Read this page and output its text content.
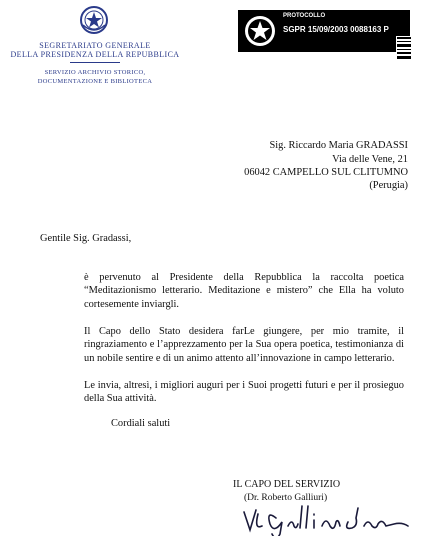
SEGRETARIATO GENERALE
DELLA PRESIDENZA DELLA REPUBBLICA
SERVIZIO ARCHIVIO STORICO,
DOCUMENTAZIONE E BIBLIOTECA
PROTOCOLLO
SGPR 15/09/2003 0088163 P
Sig. Riccardo Maria GRADASSI
Via delle Vene, 21
06042 CAMPELLO SUL CLITUMNO
(Perugia)
Gentile Sig. Gradassi,

è pervenuto al Presidente della Repubblica la raccolta poetica “Meditazionismo letterario. Meditazione e mistero” che Ella ha voluto cortesemente inviargli.

Il Capo dello Stato desidera farLe giungere, per mio tramite, il ringraziamento e l’apprezzamento per la Sua opera poetica, testimonianza di un nobile sentire e di un animo attento all’innovazione in campo letterario.

Le invia, altresì, i migliori auguri per i Suoi progetti futuri e per il prosieguo della Sua attività.

Cordiali saluti
IL CAPO DEL SERVIZIO
(Dr. Roberto Galliuri)
